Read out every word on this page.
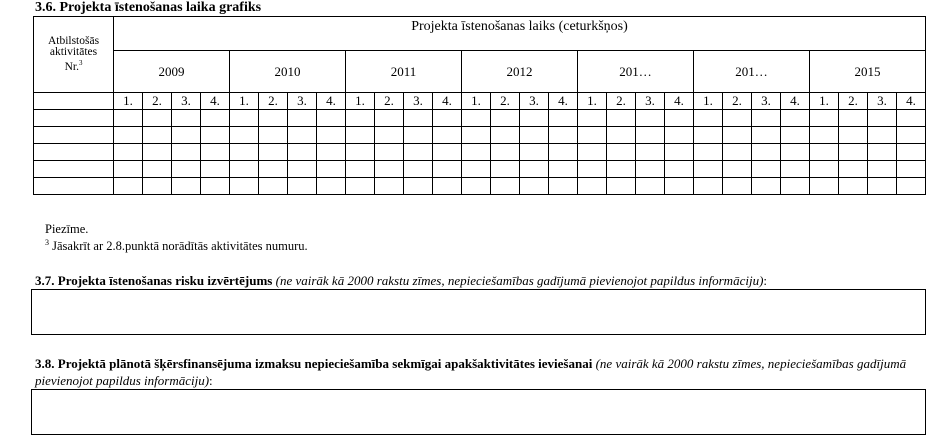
3.6. Projekta īstenošanas laika grafiks
Atbilstošās
aktivitātes
Nr.$^3$	Projekta īstenošanas laiks (ceturkšņos)																											
	2009				2010				2011				2012				201…				201…				2015			
	1.	2.	3.	4.	1.	2.	3.	4.	1.	2.	3.	4.	1.	2.	3.	4.	1.	2.	3.	4.	1.	2.	3.	4.	1.	2.	3.	4.

Piezīme.
$^3$ Jāsakrīt ar 2.8.punktā norādītās aktivitātes numuru.
3.7. Projekta īstenošanas risku izvērtējums (ne vairāk kā 2000 rakstu zīmes, nepieciešamības gadījumā pievienojot papildus informāciju):
3.8. Projektā plānotā šķērsfinansējuma izmaksu nepieciešamība sekmīgai apakšaktivitātes ieviešanai (ne vairāk kā 2000 rakstu zīmes, nepieciešamības gadījumā pievienojot papildus informāciju):
